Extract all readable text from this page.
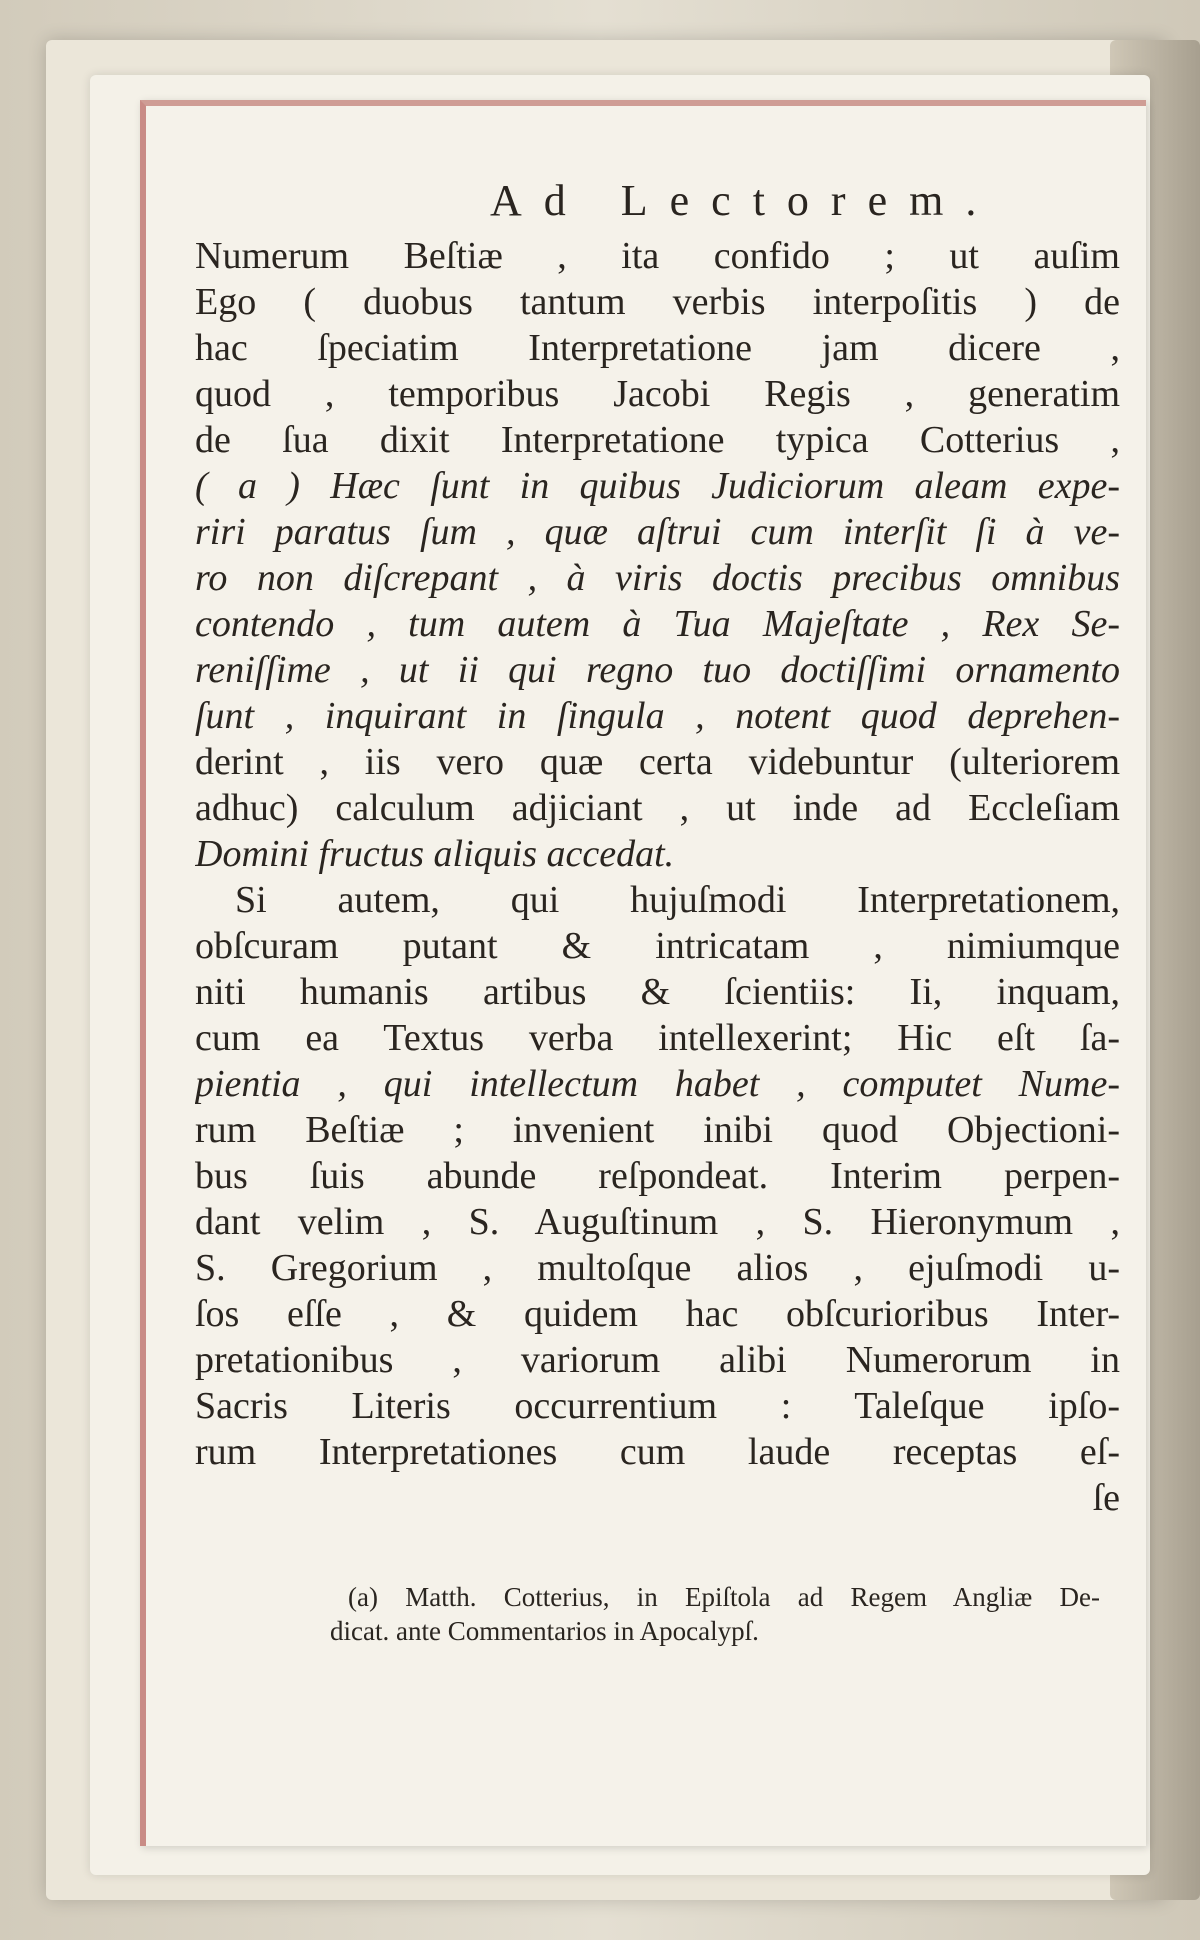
Ad Lectorem.
Numerum Beſtiæ , ita confido ; ut auſim
Ego ( duobus tantum verbis interpoſitis ) de
hac ſpeciatim Interpretatione jam dicere ,
quod , temporibus Jacobi Regis , generatim
de ſua dixit Interpretatione typica Cotterius ,
( a ) Hæc ſunt in quibus Judiciorum aleam expe-
riri paratus ſum , quæ aſtrui cum interſit ſi à ve-
ro non diſcrepant , à viris doctis precibus omnibus
contendo , tum autem à Tua Majeſtate , Rex Se-
reniſſime , ut ii qui regno tuo doctiſſimi ornamento
ſunt , inquirant in ſingula , notent quod deprehen-
derint , iis vero quæ certa videbuntur (ulteriorem
adhuc) calculum adjiciant , ut inde ad Eccleſiam
Domini fructus aliquis accedat.
Si autem, qui hujuſmodi Interpretationem,
obſcuram putant & intricatam , nimiumque
niti humanis artibus & ſcientiis: Ii, inquam,
cum ea Textus verba intellexerint; Hic eſt ſa-
pientia , qui intellectum habet , computet Nume-
rum Beſtiæ ; invenient inibi quod Objectioni-
bus ſuis abunde reſpondeat. Interim perpen-
dant velim , S. Auguſtinum , S. Hieronymum ,
S. Gregorium , multoſque alios , ejuſmodi u-
ſos eſſe , & quidem hac obſcurioribus Inter-
pretationibus , variorum alibi Numerorum in
Sacris Literis occurrentium : Taleſque ipſo-
rum Interpretationes cum laude receptas eſ-
ſe
(a) Matth. Cotterius, in Epiſtola ad Regem Angliæ De-
dicat. ante Commentarios in Apocalypſ.
